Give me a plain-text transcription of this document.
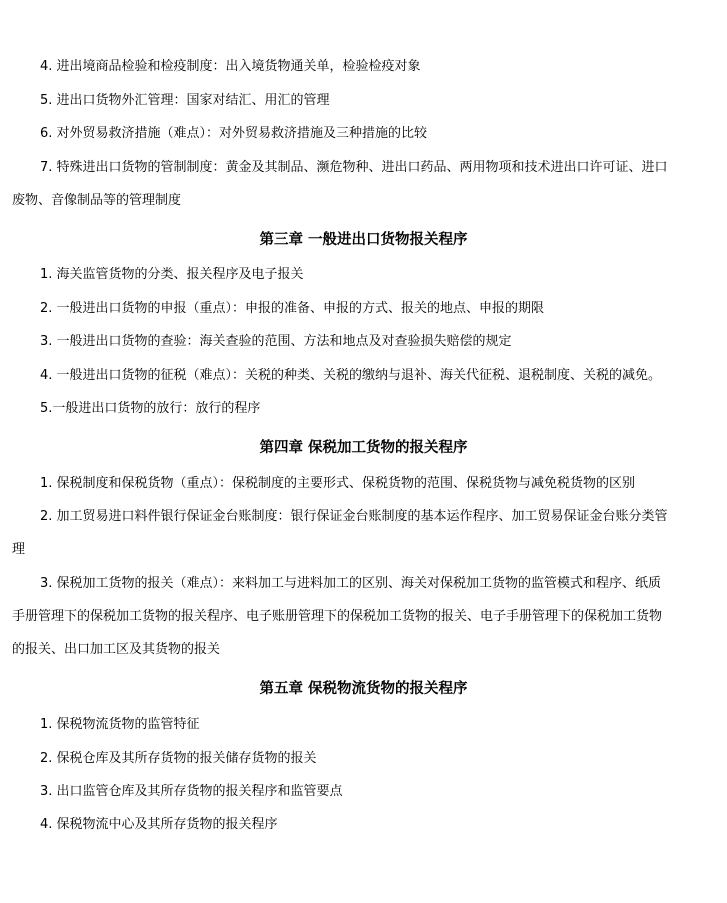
4. 进出境商品检验和检疫制度：出入境货物通关单，检验检疫对象
5. 进出口货物外汇管理：国家对结汇、用汇的管理
6. 对外贸易救济措施（难点）：对外贸易救济措施及三种措施的比较
7. 特殊进出口货物的管制制度：黄金及其制品、濒危物种、进出口药品、两用物项和技术进出口许可证、进口
废物、音像制品等的管理制度
第三章 一般进出口货物报关程序
1. 海关监管货物的分类、报关程序及电子报关
2. 一般进出口货物的申报（重点）：申报的准备、申报的方式、报关的地点、申报的期限
3. 一般进出口货物的查验：海关查验的范围、方法和地点及对查验损失赔偿的规定
4. 一般进出口货物的征税（难点）：关税的种类、关税的缴纳与退补、海关代征税、退税制度、关税的减免。
5.一般进出口货物的放行：放行的程序
第四章 保税加工货物的报关程序
1. 保税制度和保税货物（重点）：保税制度的主要形式、保税货物的范围、保税货物与减免税货物的区别
2. 加工贸易进口料件银行保证金台账制度：银行保证金台账制度的基本运作程序、加工贸易保证金台账分类管
理
3. 保税加工货物的报关（难点）：来料加工与进料加工的区别、海关对保税加工货物的监管模式和程序、纸质
手册管理下的保税加工货物的报关程序、电子账册管理下的保税加工货物的报关、电子手册管理下的保税加工货物
的报关、出口加工区及其货物的报关
第五章 保税物流货物的报关程序
1. 保税物流货物的监管特征
2. 保税仓库及其所存货物的报关储存货物的报关
3. 出口监管仓库及其所存货物的报关程序和监管要点
4. 保税物流中心及其所存货物的报关程序
